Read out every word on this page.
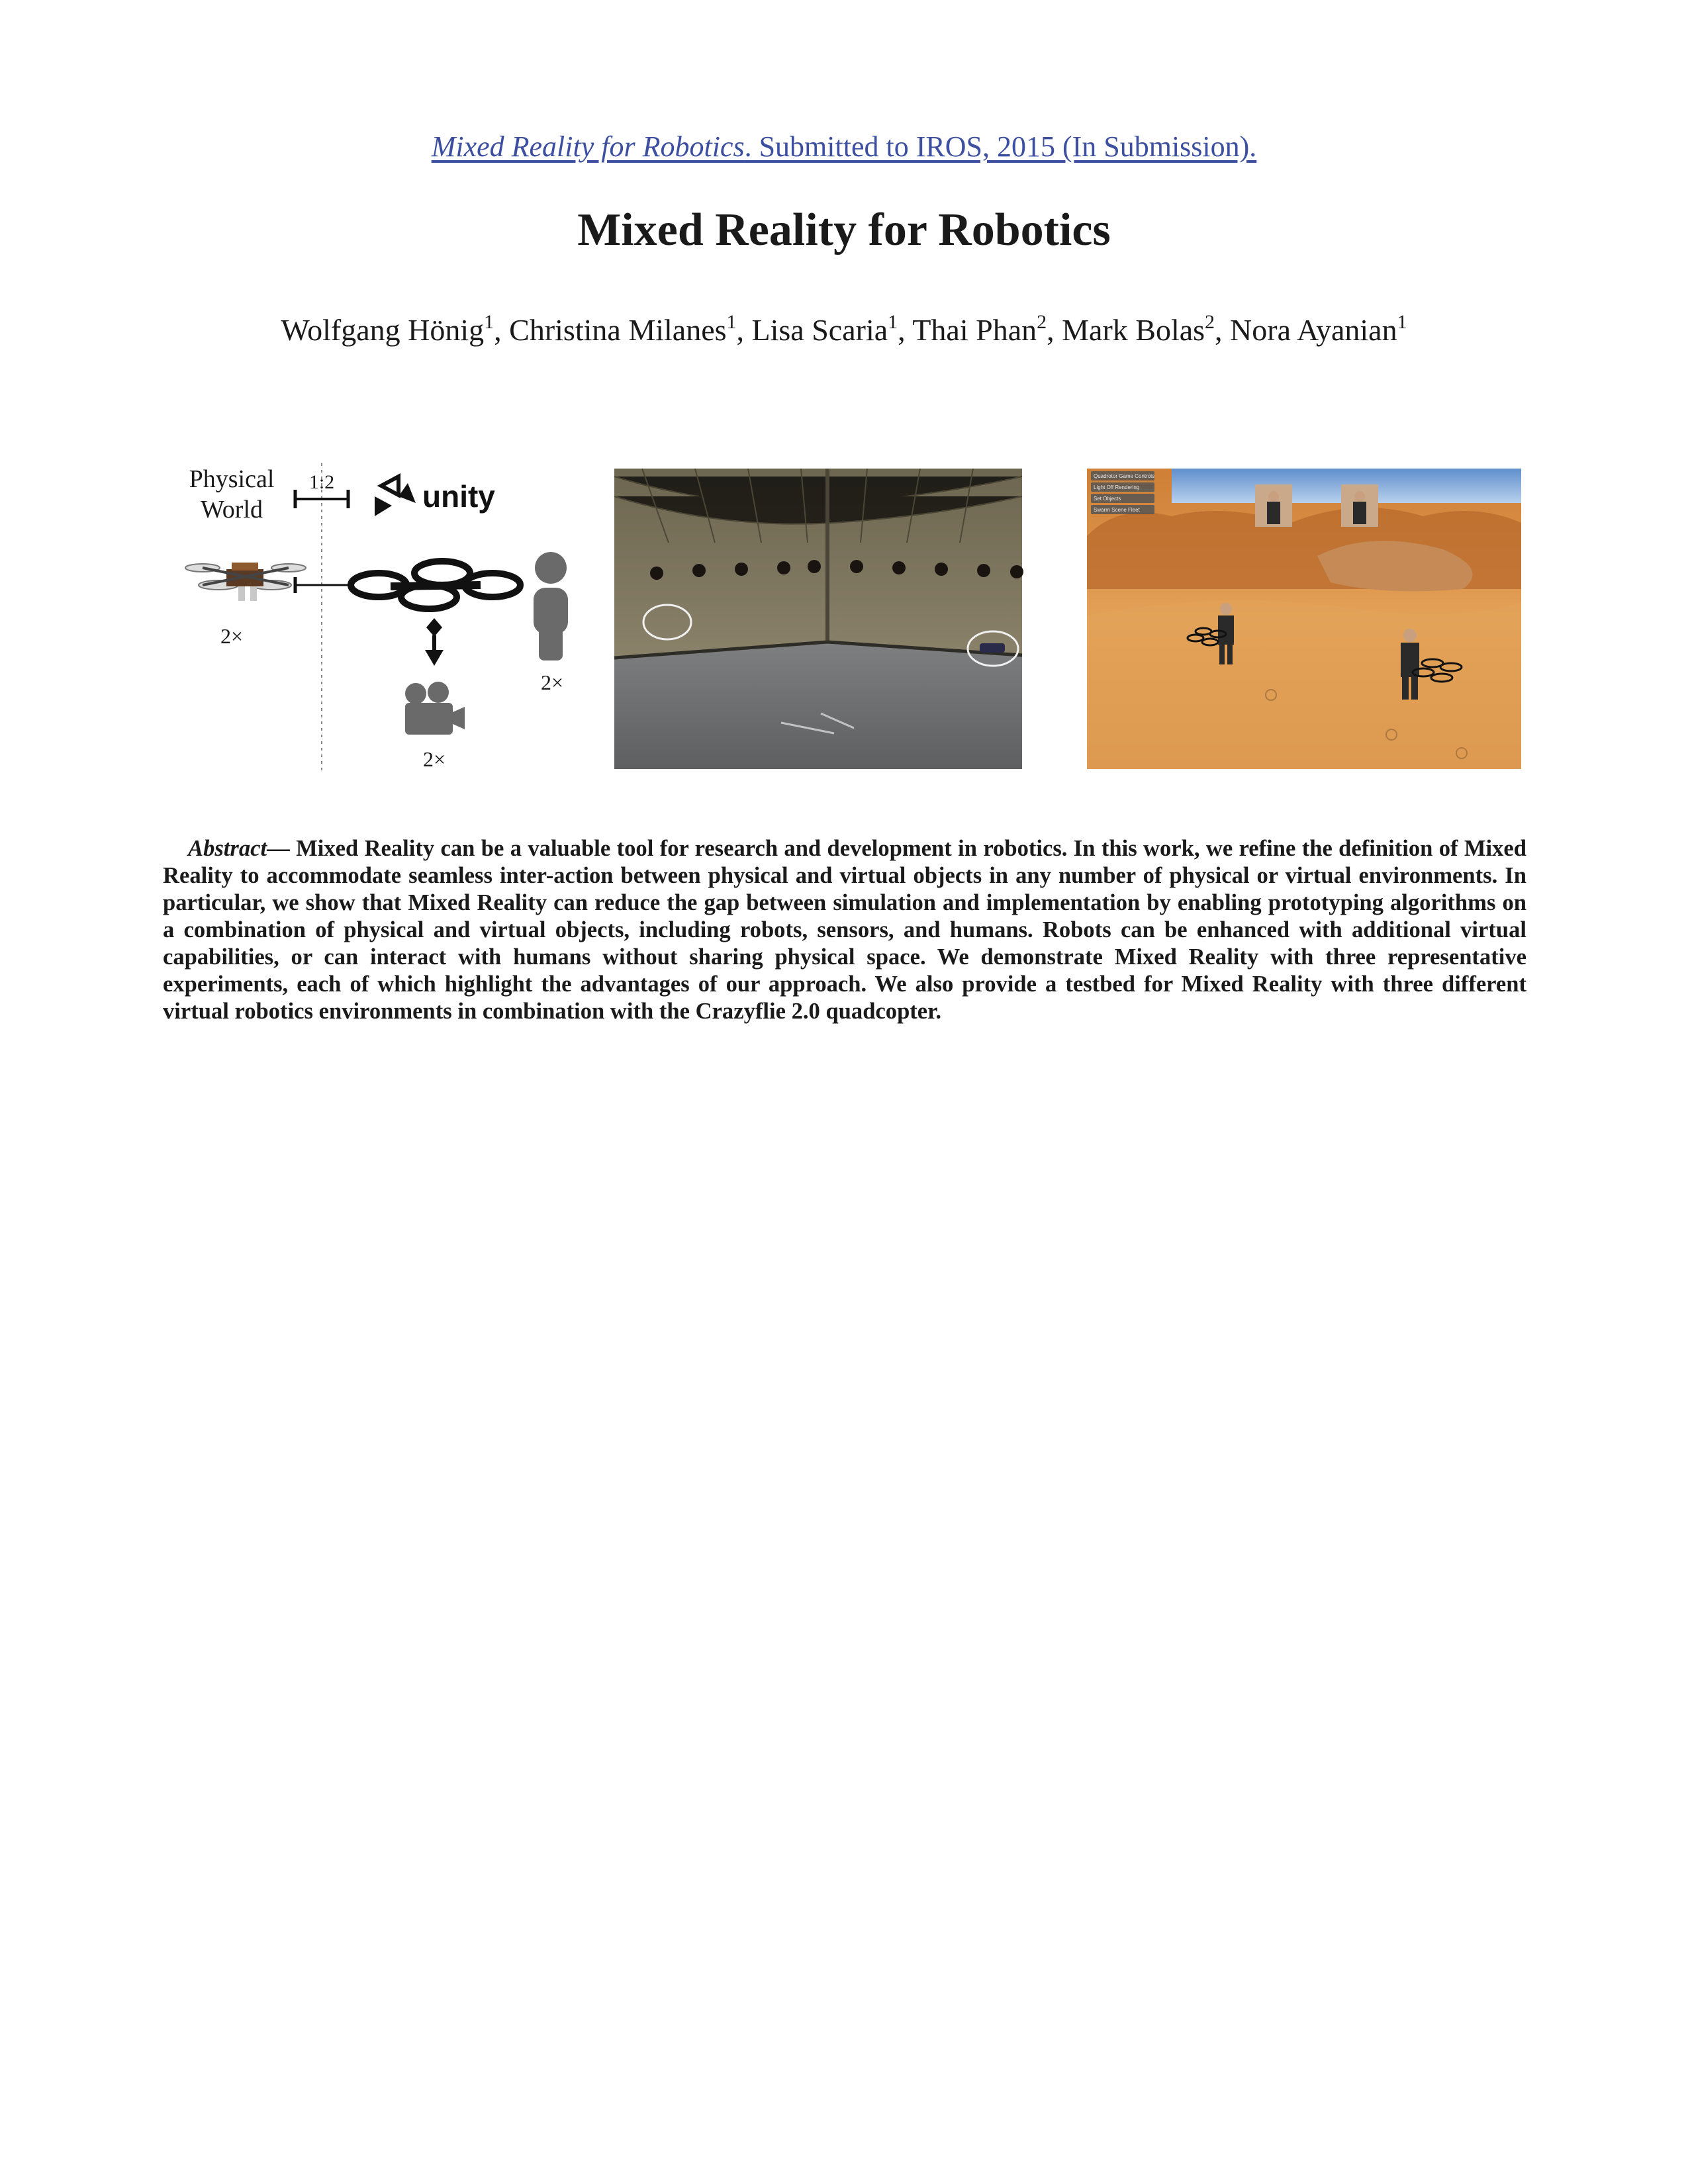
Mixed Reality for Robotics. Submitted to IROS, 2015 (In Submission).
Mixed Reality for Robotics
Wolfgang Hönig$^1$, Christina Milanes$^1$, Lisa Scaria$^1$, Thai Phan$^2$, Mark Bolas$^2$, Nora Ayanian$^1$
Physical
World
1:2	unity
2×
2×
2×
Quadrotor Game Controls
Light Off Rendering
Set Objects
Swarm Scene Fleet
Abstract— Mixed Reality can be a valuable tool for research and development in robotics. In this work, we refine the definition of Mixed Reality to accommodate seamless inter-action between physical and virtual objects in any number of physical or virtual environments. In particular, we show that Mixed Reality can reduce the gap between simulation and implementation by enabling prototyping algorithms on a combination of physical and virtual objects, including robots, sensors, and humans. Robots can be enhanced with additional virtual capabilities, or can interact with humans without sharing physical space. We demonstrate Mixed Reality with three representative experiments, each of which highlight the advantages of our approach. We also provide a testbed for Mixed Reality with three different virtual robotics environments in combination with the Crazyflie 2.0 quadcopter.
